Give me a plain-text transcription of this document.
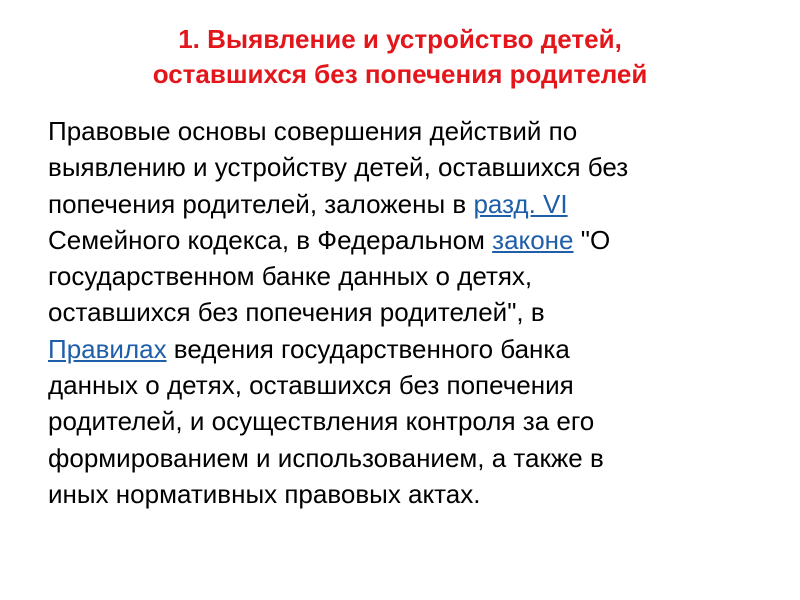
1. Выявление и устройство детей,
оставшихся без попечения родителей
Правовые основы совершения действий по
выявлению и устройству детей, оставшихся без
попечения родителей, заложены в разд. VI
Семейного кодекса, в Федеральном законе "О
государственном банке данных о детях,
оставшихся без попечения родителей", в
Правилах ведения государственного банка
данных о детях, оставшихся без попечения
родителей, и осуществления контроля за его
формированием и использованием, а также в
иных нормативных правовых актах.
